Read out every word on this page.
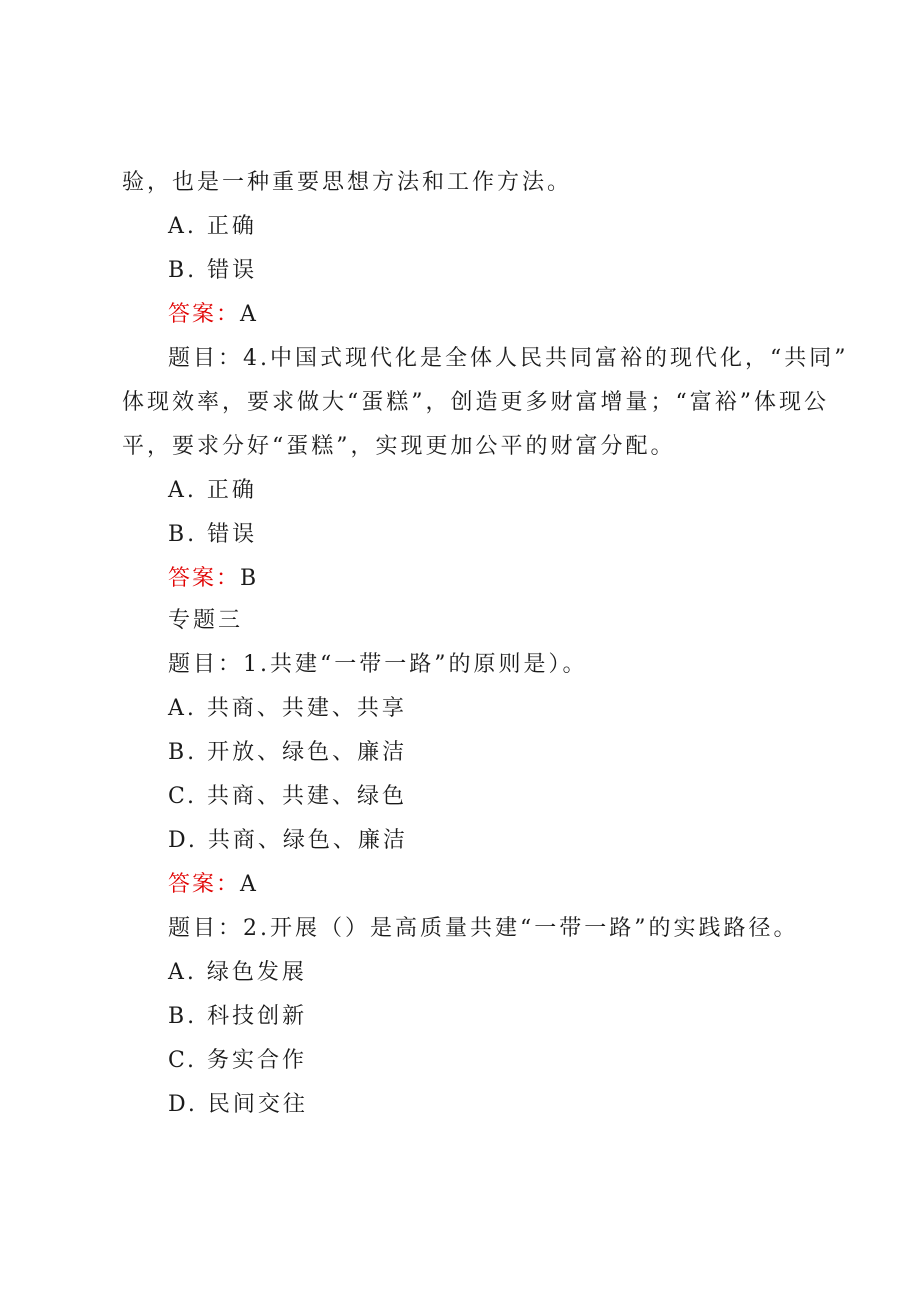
验，也是一种重要思想方法和工作方法。
A. 正确
B. 错误
答案：A
题目：4.中国式现代化是全体人民共同富裕的现代化，“共同”
体现效率，要求做大“蛋糕”，创造更多财富增量；“富裕”体现公
平，要求分好“蛋糕”，实现更加公平的财富分配。
A. 正确
B. 错误
答案：B
专题三
题目：1.共建“一带一路”的原则是）。
A. 共商、共建、共享
B. 开放、绿色、廉洁
C. 共商、共建、绿色
D. 共商、绿色、廉洁
答案：A
题目：2.开展（）是高质量共建“一带一路”的实践路径。
A. 绿色发展
B. 科技创新
C. 务实合作
D. 民间交往
